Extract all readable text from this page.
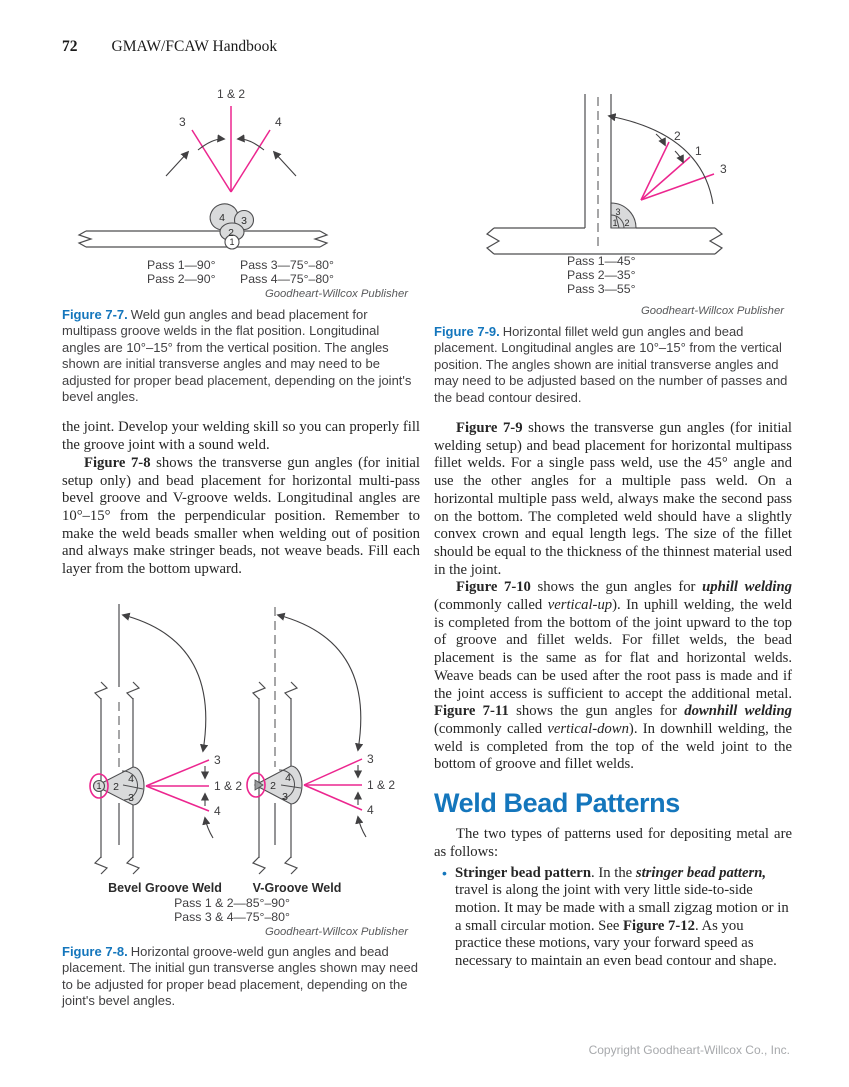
72 GMAW/FCAW Handbook
1 & 2
3	4
4 3
2
1
Pass 1—90°
Pass 2—90°
Pass 3—75°–80°
Pass 4—75°–80°
Goodheart-Willcox Publisher

Figure 7-7. Weld gun angles and bead placement for multipass groove welds in the flat position. Longitudinal angles are 10°–15° from the vertical position. The angles shown are initial transverse angles and may need to be adjusted for proper bead placement, depending on the joint's bevel angles.

the joint. Develop your welding skill so you can properly fill the groove joint with a sound weld.

Figure 7-8 shows the transverse gun angles (for initial setup only) and bead placement for horizontal multi-pass bevel groove and V-groove welds. Longitudinal angles are 10°–15° from the perpendicular position. Remember to make the weld beads smaller when welding out of position and always make stringer beads, not weave beads. Fill each layer from the bottom upward.

1 2
4
3
3
1 & 2
4
Bevel Groove Weld
2
4
3
3
1 & 2
4
V-Groove Weld
Pass 1 & 2—85°–90°
Pass 3 & 4—75°–80°
Goodheart-Willcox Publisher

Figure 7-8. Horizontal groove-weld gun angles and bead placement. The initial gun transverse angles shown may need to be adjusted for proper bead placement, depending on the joint's bevel angles.

3
1 2
2
1
3
Pass 1—45°
Pass 2—35°
Pass 3—55°
Goodheart-Willcox Publisher

Figure 7-9. Horizontal fillet weld gun angles and bead placement. Longitudinal angles are 10°–15° from the vertical position. The angles shown are initial transverse angles and may need to be adjusted based on the number of passes and the bead contour desired.

Figure 7-9 shows the transverse gun angles (for initial welding setup) and bead placement for horizontal multipass fillet welds. For a single pass weld, use the 45° angle and use the other angles for a multiple pass weld. On a horizontal multiple pass weld, always make the second pass on the bottom. The completed weld should have a slightly convex crown and equal length legs. The size of the fillet should be equal to the thickness of the thinnest material used in the joint.

Figure 7-10 shows the gun angles for uphill welding (commonly called vertical-up). In uphill welding, the weld is completed from the bottom of the joint upward to the top of groove and fillet welds. For fillet welds, the bead placement is the same as for flat and horizontal welds. Weave beads can be used after the root pass is made and if the joint access is sufficient to accept the additional metal. Figure 7-11 shows the gun angles for downhill welding (commonly called vertical-down). In downhill welding, the weld is completed from the top of the weld joint to the bottom of groove and fillet welds.

Weld Bead Patterns

The two types of patterns used for depositing metal are as follows:

• Stringer bead pattern. In the stringer bead pattern, travel is along the joint with very little side-to-side motion. It may be made with a small zigzag motion or in a small circular motion. See Figure 7-12. As you practice these motions, vary your forward speed as necessary to maintain an even bead contour and shape.

Copyright Goodheart-Willcox Co., Inc.
